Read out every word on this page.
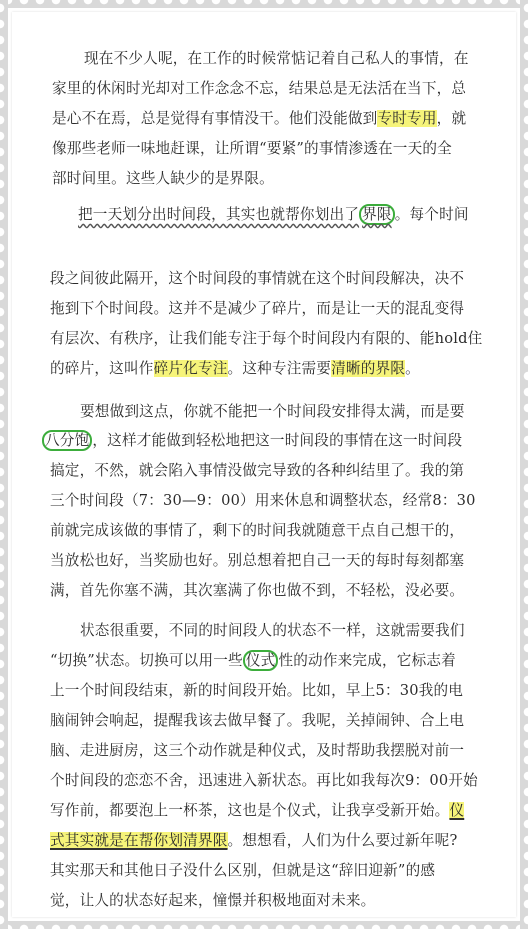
现在不少人呢，在工作的时候常惦记着自己私人的事情，在
家里的休闲时光却对工作念念不忘，结果总是无法活在当下，总
是心不在焉，总是觉得有事情没干。他们没能做到专时专用，就
像那些老师一味地赶课，让所谓“要紧”的事情渗透在一天的全
部时间里。这些人缺少的是界限。
把一天划分出时间段，其实也就帮你划出了 界限 。每个时间
段之间彼此隔开，这个时间段的事情就在这个时间段解决，决不
拖到下个时间段。这并不是减少了碎片，而是让一天的混乱变得
有层次、有秩序，让我们能专注于每个时间段内有限的、能hold住
的碎片，这叫作碎片化专注。这种专注需要清晰的界限。
要想做到这点，你就不能把一个时间段安排得太满，而是要
八分饱 ，这样才能做到轻松地把这一时间段的事情在这一时间段
搞定，不然，就会陷入事情没做完导致的各种纠结里了。我的第
三个时间段（7：30—9：00）用来休息和调整状态，经常8：30
前就完成该做的事情了，剩下的时间我就随意干点自己想干的，
当放松也好，当奖励也好。别总想着把自己一天的每时每刻都塞
满，首先你塞不满，其次塞满了你也做不到，不轻松，没必要。
状态很重要，不同的时间段人的状态不一样，这就需要我们
“切换”状态。切换可以用一些 仪式 性的动作来完成，它标志着
上一个时间段结束，新的时间段开始。比如，早上5：30我的电
脑闹钟会响起，提醒我该去做早餐了。我呢，关掉闹钟、合上电
脑、走进厨房，这三个动作就是种仪式，及时帮助我摆脱对前一
个时间段的恋恋不舍，迅速进入新状态。再比如我每次9：00开始
写作前，都要泡上一杯茶，这也是个仪式，让我享受新开始。仪
式其实就是在帮你划清界限。想想看，人们为什么要过新年呢?
其实那天和其他日子没什么区别，但就是这“辞旧迎新”的感
觉，让人的状态好起来，憧憬并积极地面对未来。
